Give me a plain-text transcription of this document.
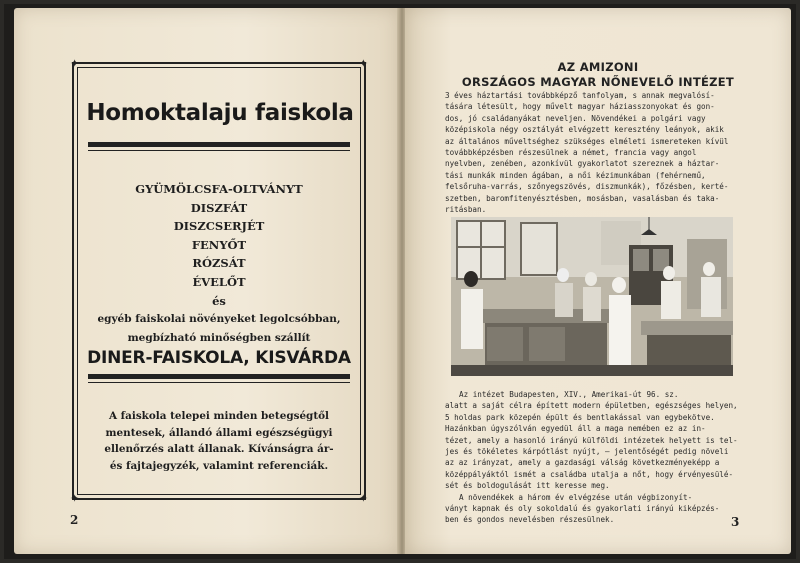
✦	✦
✦	✦
Homoktalaju faiskola
GYÜMÖLCSFA-OLTVÁNYT
DISZFÁT
DISZCSERJÉT
FENYŐT
RÓZSÁT
ÉVELŐT
és
egyéb faiskolai növényeket legolcsóbban,
megbízható minőségben szállít
DINER-FAISKOLA, KISVÁRDA
A faiskola telepei minden betegségtől
mentesek, állandó állami egészségügyi
ellenőrzés alatt állanak. Kívánságra ár-
és fajtajegyzék, valamint referenciák.
2
AZ AMIZONI
ORSZÁGOS MAGYAR NŐNEVELŐ INTÉZET
3 éves háztartási továbbképző tanfolyam, s annak megvalósí-
tására létesült, hogy művelt magyar háziasszonyokat és gon-
dos, jó családanyákat neveljen. Növendékei a polgári vagy
középiskola négy osztályát elvégzett keresztény leányok, akik
az általános műveltséghez szükséges elméleti ismereteken kívül
továbbképzésben részesülnek a német, francia vagy angol
nyelvben, zenében, azonkívül gyakorlatot szereznek a háztar-
tási munkák minden ágában, a női kézimunkában (fehérnemű,
felsőruha-varrás, szőnyegszövés, diszmunkák), főzésben, kerté-
szetben, baromfitenyésztésben, mosásban, vasalásban és taka-
ritásban.
Az intézet Budapesten, XIV., Amerikai-út 96. sz.
alatt a saját célra épített modern épületben, egészséges helyen,
5 holdas park közepén épült és bentlakással van egybekötve.
Hazánkban úgyszólván egyedül áll a maga nemében ez az in-
tézet, amely a hasonló irányú külföldi intézetek helyett is tel-
jes és tökéletes kárpótlást nyújt, — jelentőségét pedig növeli
az az irányzat, amely a gazdasági válság következményeképp a
középpályáktól ismét a családba utalja a nőt, hogy érvényesülé-
sét és boldogulását itt keresse meg.
A növendékek a három év elvégzése után végbizonyít-
ványt kapnak és oly sokoldalú és gyakorlati irányú kiképzés-
ben és gondos nevelésben részesülnek.	3
